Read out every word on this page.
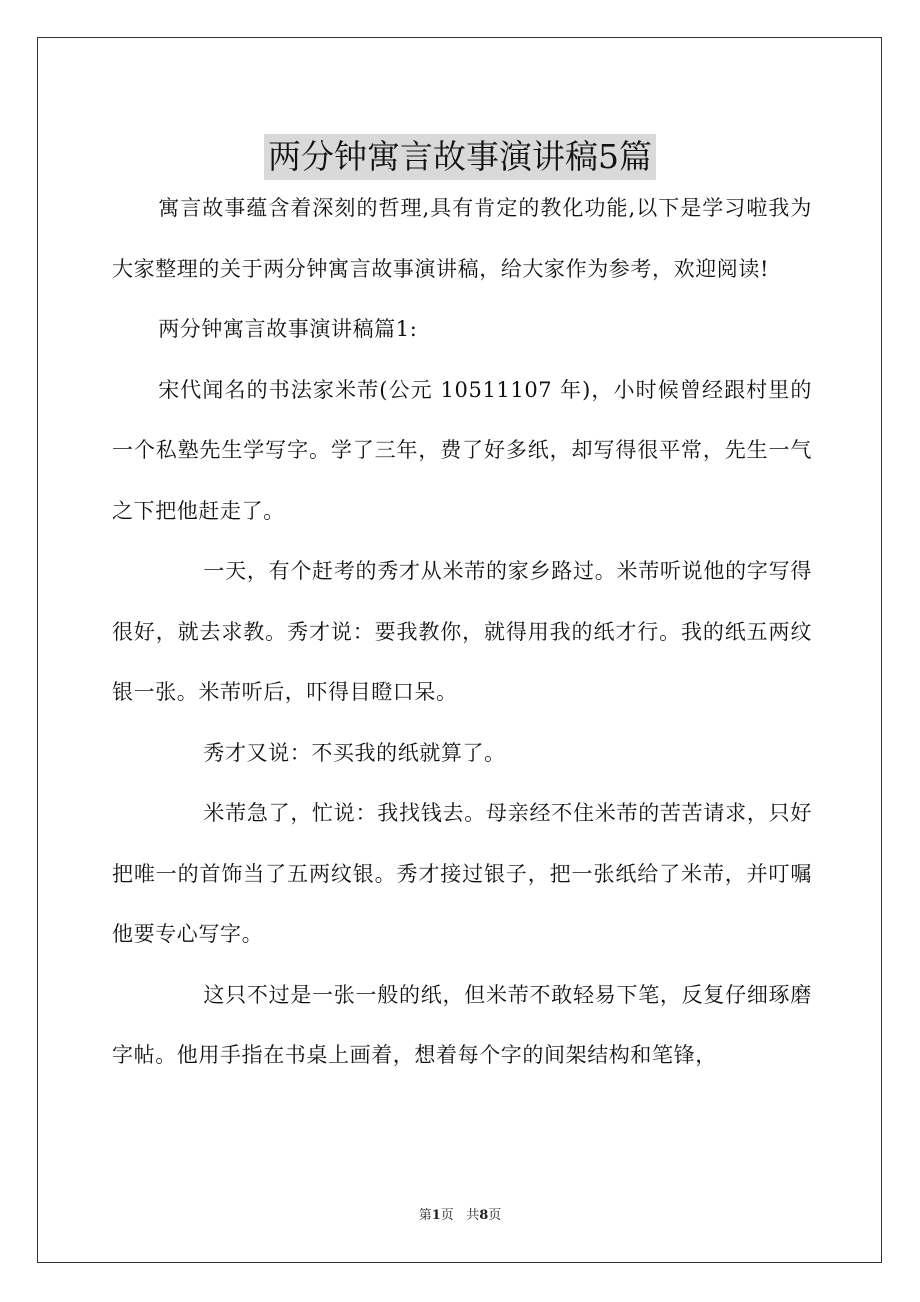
两分钟寓言故事演讲稿5篇

寓言故事蕴含着深刻的哲理,具有肯定的教化功能,以下是学习啦我为大家整理的关于两分钟寓言故事演讲稿，给大家作为参考，欢迎阅读!

两分钟寓言故事演讲稿篇1:

宋代闻名的书法家米芾(公元 10511107 年)，小时候曾经跟村里的一个私塾先生学写字。学了三年，费了好多纸，却写得很平常，先生一气之下把他赶走了。

一天，有个赶考的秀才从米芾的家乡路过。米芾听说他的字写得很好，就去求教。秀才说：要我教你，就得用我的纸才行。我的纸五两纹银一张。米芾听后，吓得目瞪口呆。

秀才又说：不买我的纸就算了。

米芾急了，忙说：我找钱去。母亲经不住米芾的苦苦请求，只好把唯一的首饰当了五两纹银。秀才接过银子，把一张纸给了米芾，并叮嘱他要专心写字。

这只不过是一张一般的纸，但米芾不敢轻易下笔，反复仔细琢磨字帖。他用手指在书桌上画着，想着每个字的间架结构和笔锋，

第1页 共8页
